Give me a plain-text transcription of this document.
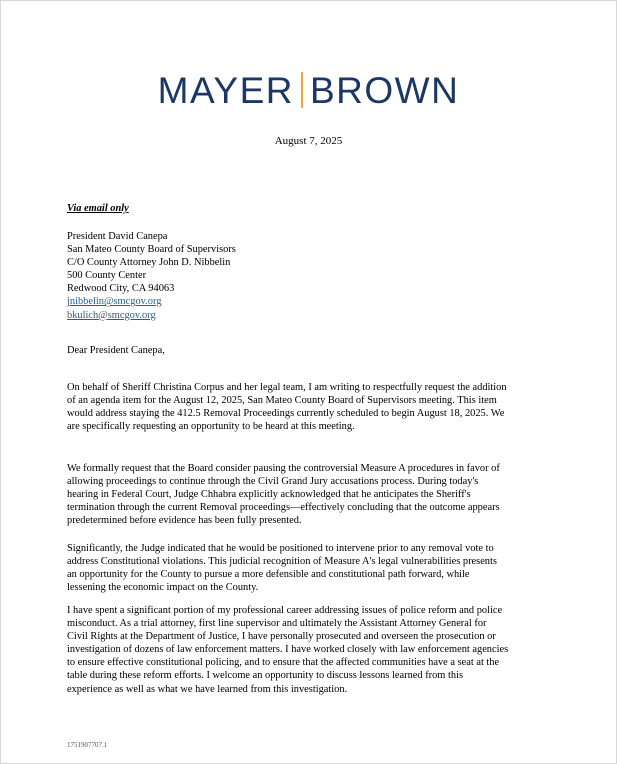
MAYER BROWN
August 7, 2025
Via email only
President David Canepa
San Mateo County Board of Supervisors
C/O County Attorney John D. Nibbelin
500 County Center
Redwood City, CA 94063
jnibbelin@smcgov.org
bkulich@smcgov.org
Dear President Canepa,
On behalf of Sheriff Christina Corpus and her legal team, I am writing to respectfully request the addition
of an agenda item for the August 12, 2025, San Mateo County Board of Supervisors meeting. This item
would address staying the 412.5 Removal Proceedings currently scheduled to begin August 18, 2025. We
are specifically requesting an opportunity to be heard at this meeting.
We formally request that the Board consider pausing the controversial Measure A procedures in favor of
allowing proceedings to continue through the Civil Grand Jury accusations process. During today's
hearing in Federal Court, Judge Chhabra explicitly acknowledged that he anticipates the Sheriff's
termination through the current Removal proceedings—effectively concluding that the outcome appears
predetermined before evidence has been fully presented.
Significantly, the Judge indicated that he would be positioned to intervene prior to any removal vote to
address Constitutional violations. This judicial recognition of Measure A's legal vulnerabilities presents
an opportunity for the County to pursue a more defensible and constitutional path forward, while
lessening the economic impact on the County.
I have spent a significant portion of my professional career addressing issues of police reform and police
misconduct. As a trial attorney, first line supervisor and ultimately the Assistant Attorney General for
Civil Rights at the Department of Justice, I have personally prosecuted and overseen the prosecution or
investigation of dozens of law enforcement matters. I have worked closely with law enforcement agencies
to ensure effective constitutional policing, and to ensure that the affected communities have a seat at the
table during these reform efforts. I welcome an opportunity to discuss lessons learned from this
experience as well as what we have learned from this investigation.
1751907707.1
